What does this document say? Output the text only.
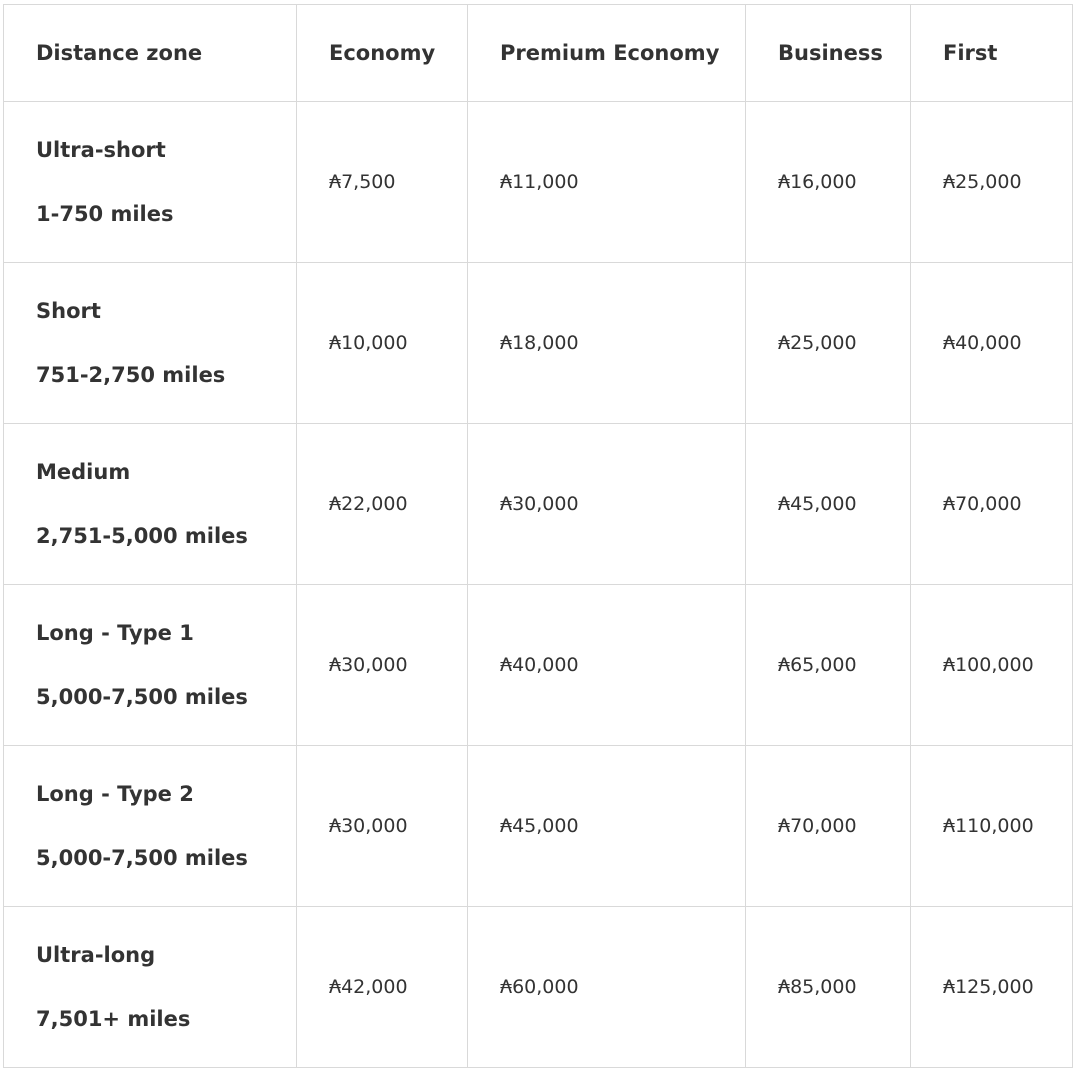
Distance zone	Economy	Premium Economy	Business	First

Ultra-short
1-750 miles	₳7,500	₳11,000	₳16,000	₳25,000

Short
751-2,750 miles	₳10,000	₳18,000	₳25,000	₳40,000

Medium
2,751-5,000 miles	₳22,000	₳30,000	₳45,000	₳70,000

Long - Type 1
5,000-7,500 miles	₳30,000	₳40,000	₳65,000	₳100,000

Long - Type 2
5,000-7,500 miles	₳30,000	₳45,000	₳70,000	₳110,000

Ultra-long
7,501+ miles	₳42,000	₳60,000	₳85,000	₳125,000
